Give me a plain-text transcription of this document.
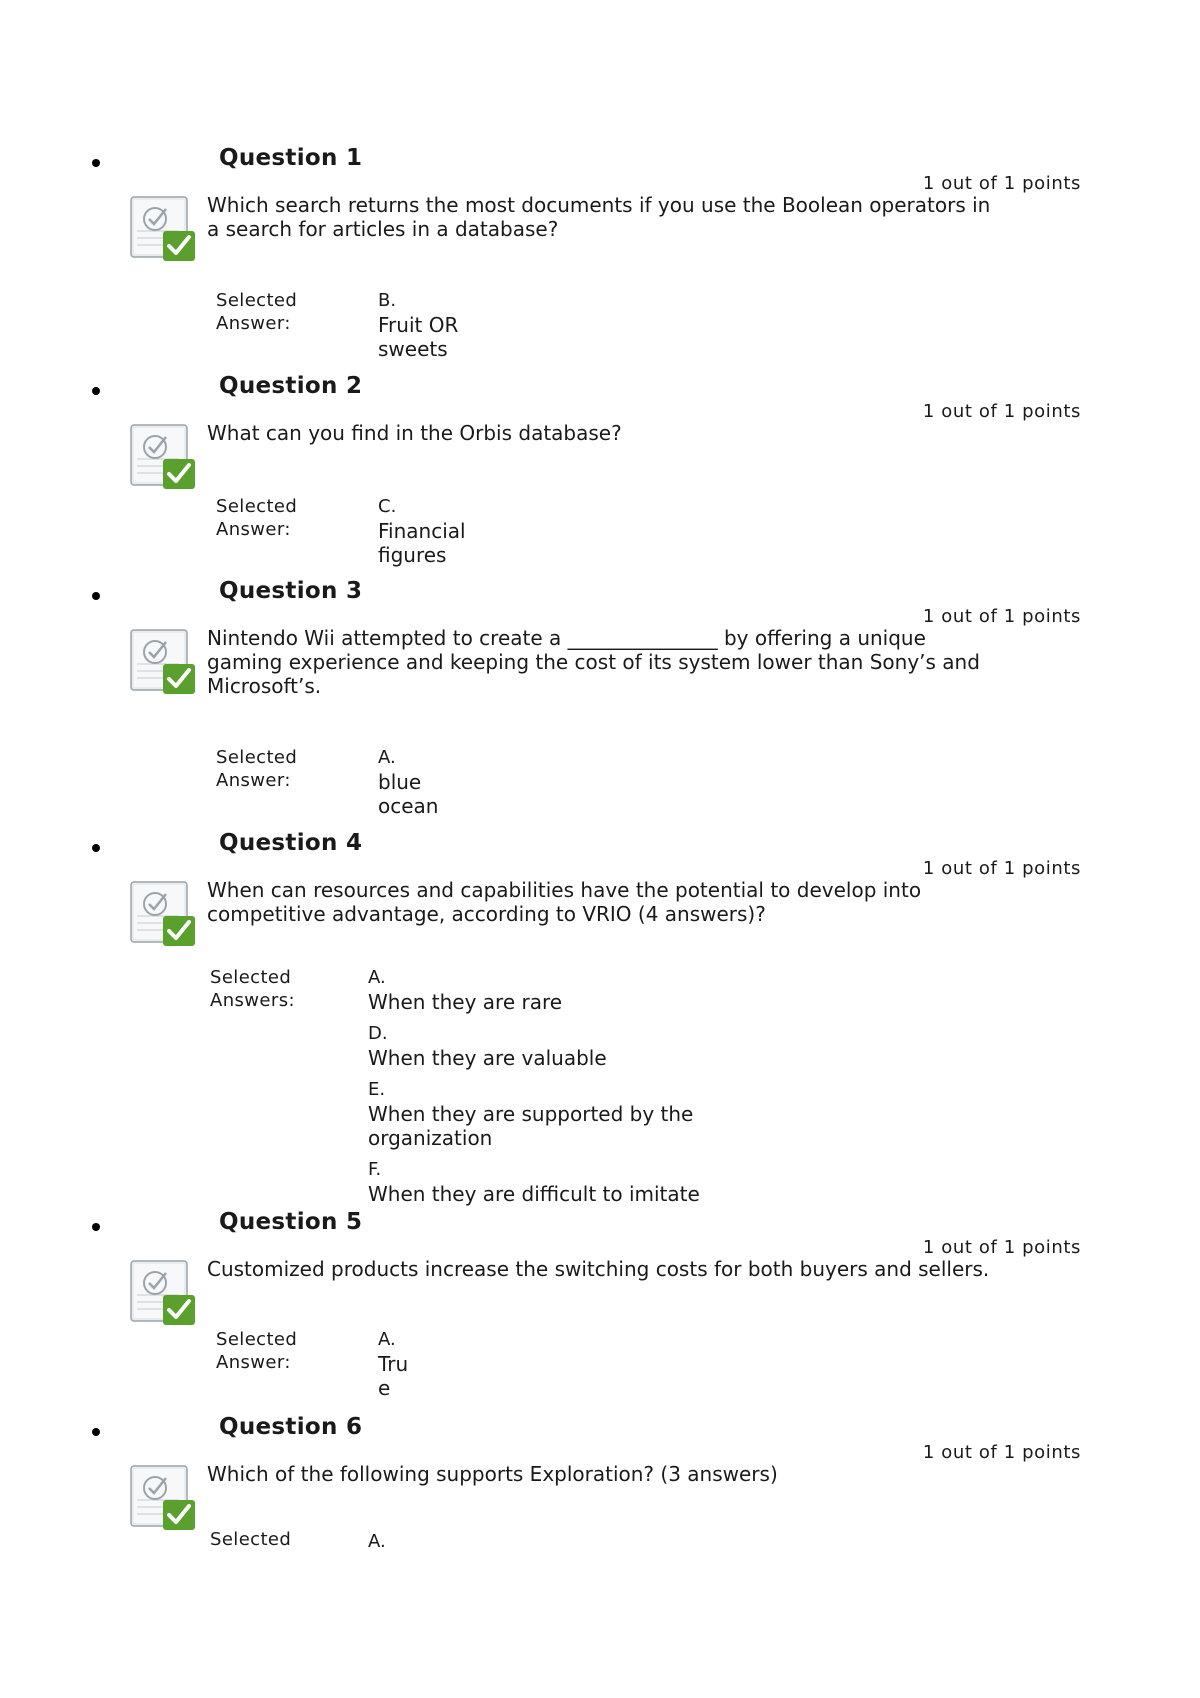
Question 1
1 out of 1 points
Which search returns the most documents if you use the Boolean operators in a search for articles in a database?
Selected
Answer:
B.
Fruit OR
sweets
Question 2
1 out of 1 points
What can you find in the Orbis database?
Selected
Answer:
C.
Financial
figures
Question 3
1 out of 1 points
Nintendo Wii attempted to create a _______________ by offering a unique gaming experience and keeping the cost of its system lower than Sony’s and Microsoft’s.
Selected
Answer:
A.
blue
ocean
Question 4
1 out of 1 points
When can resources and capabilities have the potential to develop into competitive advantage, according to VRIO (4 answers)?
Selected
Answers:
A.
When they are rare
D.
When they are valuable
E.
When they are supported by the organization
F.
When they are difficult to imitate
Question 5
1 out of 1 points
Customized products increase the switching costs for both buyers and sellers.
Selected
Answer:
A.
Tru
e
Question 6
1 out of 1 points
Which of the following supports Exploration? (3 answers)
Selected	A.
